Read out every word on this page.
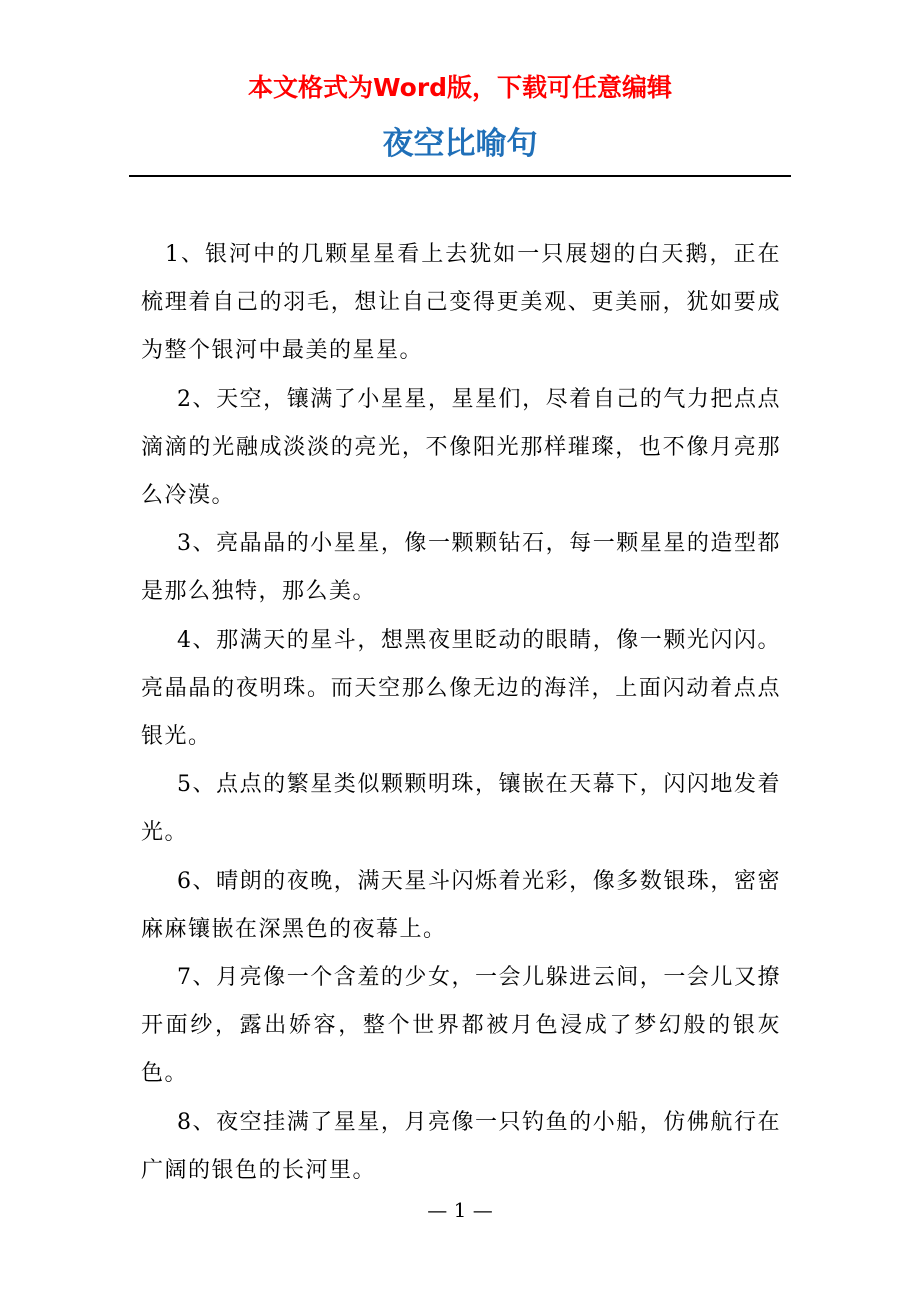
本文格式为Word版，下载可任意编辑

夜空比喻句

1、银河中的几颗星星看上去犹如一只展翅的白天鹅，正在梳理着自己的羽毛，想让自己变得更美观、更美丽，犹如要成为整个银河中最美的星星。

2、天空，镶满了小星星，星星们，尽着自己的气力把点点滴滴的光融成淡淡的亮光，不像阳光那样璀璨，也不像月亮那么冷漠。

3、亮晶晶的小星星，像一颗颗钻石，每一颗星星的造型都是那么独特，那么美。

4、那满天的星斗，想黑夜里眨动的眼睛，像一颗光闪闪。亮晶晶的夜明珠。而天空那么像无边的海洋，上面闪动着点点银光。

5、点点的繁星类似颗颗明珠，镶嵌在天幕下，闪闪地发着光。

6、晴朗的夜晚，满天星斗闪烁着光彩，像多数银珠，密密麻麻镶嵌在深黑色的夜幕上。

7、月亮像一个含羞的少女，一会儿躲进云间，一会儿又撩开面纱，露出娇容，整个世界都被月色浸成了梦幻般的银灰色。

8、夜空挂满了星星，月亮像一只钓鱼的小船，仿佛航行在广阔的银色的长河里。

— 1 —
